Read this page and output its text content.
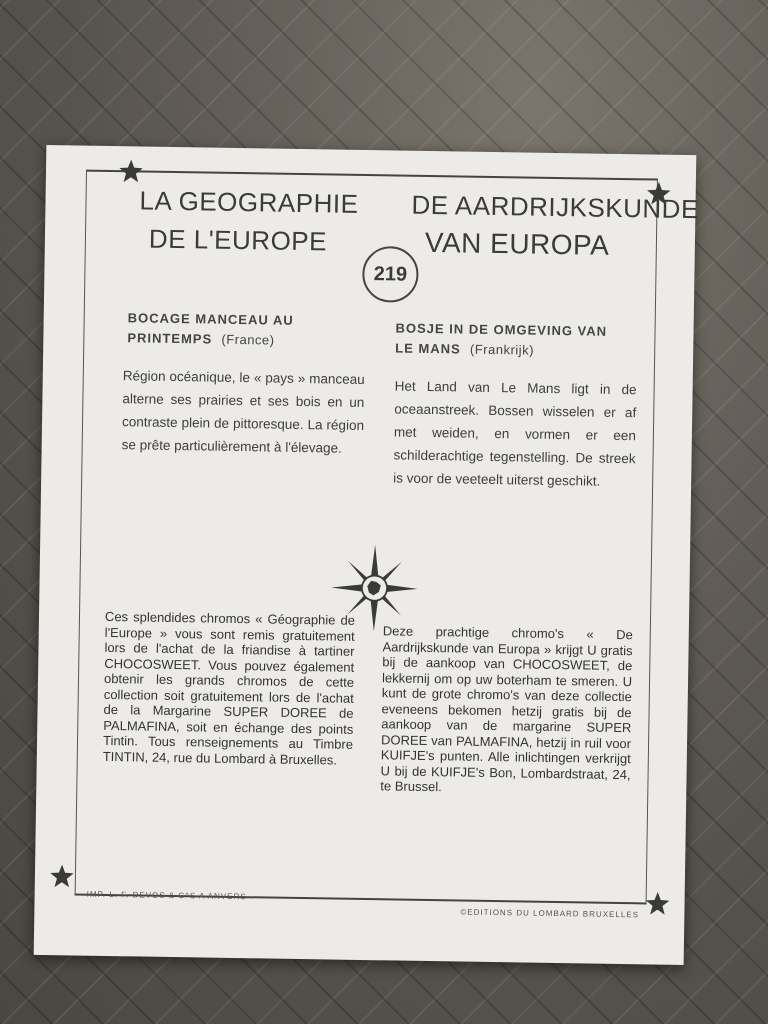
LA GEOGRAPHIE
DE L'EUROPE
DE AARDRIJKSKUNDE
VAN EUROPA
219
BOCAGE MANCEAU AU
PRINTEMPS (France)
BOSJE IN DE OMGEVING VAN
LE MANS (Frankrijk)
Région océanique, le « pays » manceau alterne ses prairies et ses bois en un contraste plein de pittoresque. La région se prête particulièrement à l'élevage.
Het Land van Le Mans ligt in de oceaanstreek. Bossen wisselen er af met weiden, en vormen er een schilderachtige tegenstelling. De streek is voor de veeteelt uiterst geschikt.
Ces splendides chromos « Géographie de l'Europe » vous sont remis gratuitement lors de l'achat de la friandise à tartiner CHOCOSWEET. Vous pouvez également obtenir les grands chromos de cette collection soit gratuitement lors de l'achat de la Margarine SUPER DOREE de PALMAFINA, soit en échange des points Tintin. Tous renseignements au Timbre TINTIN, 24, rue du Lombard à Bruxelles.
Deze prachtige chromo's « De Aardrijkskunde van Europa » krijgt U gratis bij de aankoop van CHOCOSWEET, de lekkernij om op uw boterham te smeren. U kunt de grote chromo's van deze collectie eveneens bekomen hetzij gratis bij de aankoop van de margarine SUPER DOREE van PALMAFINA, hetzij in ruil voor KUIFJE's punten. Alle inlichtingen verkrijgt U bij de KUIFJE's Bon, Lombardstraat, 24, te Brussel.
IMP. L. F. DEVOS & C^S A ANVERS
©EDITIONS DU LOMBARD BRUXELLES
